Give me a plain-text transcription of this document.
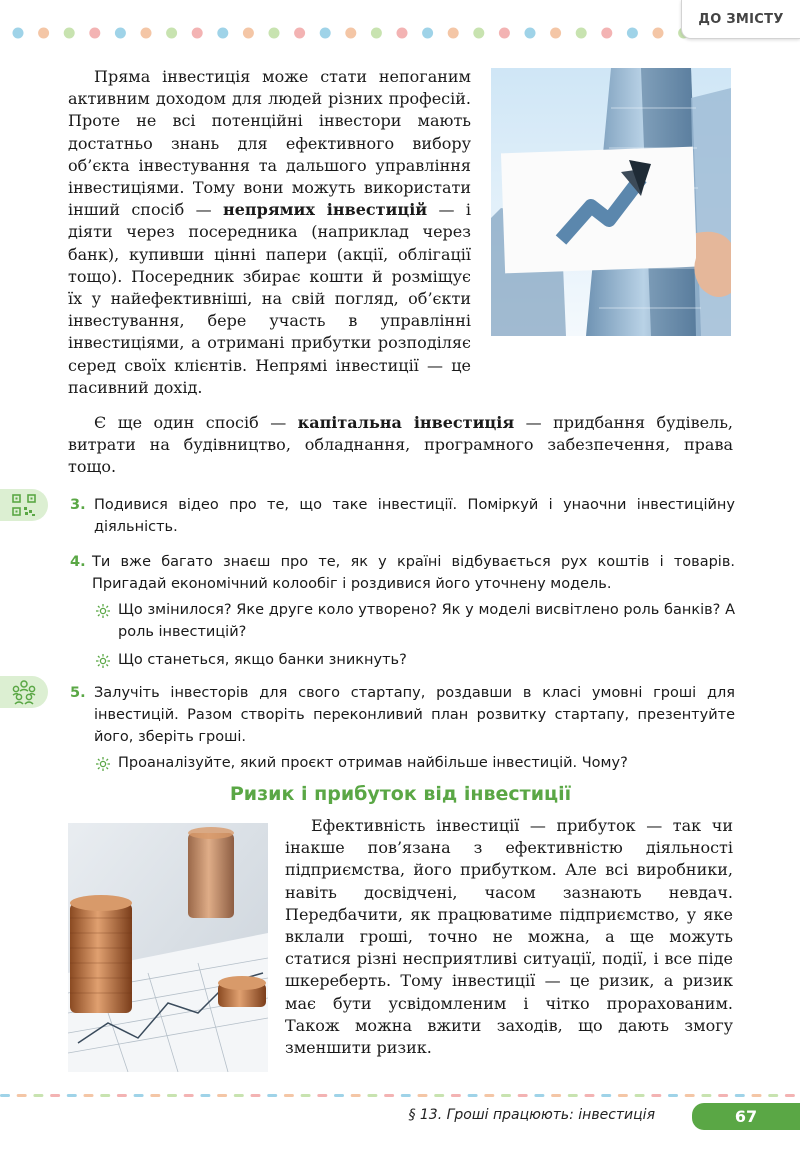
ДО ЗМІСТУ

Пряма інвестиція може стати непоганим активним доходом для людей різних професій. Проте не всі потенційні інвестори мають достатньо знань для ефективного вибору об’єкта інвестування та дальшого управління інвестиціями. Тому вони можуть використати інший спосіб — непрямих інвестицій — і діяти через посередника (наприклад через банк), купивши цінні папери (акції, облігації тощо). Посередник збирає кошти й розміщує їх у найефективніші, на свій погляд, об’єкти інвестування, бере участь в управлінні інвестиціями, а отримані прибутки розподіляє серед своїх клієнтів. Непрямі інвестиції — це пасивний дохід.

Є ще один спосіб — капітальна інвестиція — придбання будівель, витрати на будівництво, обладнання, програмного забезпечення, права тощо.

3. Подивися відео про те, що таке інвестиції. Поміркуй і унаочни інвестиційну діяльність.

4. Ти вже багато знаєш про те, як у країні відбувається рух коштів і товарів. Пригадай економічний колообіг і роздивися його уточнену модель.

Що змінилося? Яке друге коло утворено? Як у моделі висвітлено роль банків? А роль інвестицій?
Що станеться, якщо банки зникнуть?
5. Залучіть інвесторів для свого стартапу, роздавши в класі умовні гроші для інвестицій. Разом створіть переконливий план розвитку стартапу, презентуйте його, зберіть гроші.

Проаналізуйте, який проєкт отримав найбільше інвестицій. Чому?
Ризик і прибуток від інвестиції

Ефективність інвестиції — прибуток — так чи інакше пов’язана з ефективністю діяльності підприємства, його прибутком. Але всі виробники, навіть досвідчені, часом зазнають невдач. Передбачити, як працюватиме підприємство, у яке вклали гроші, точно не можна, а ще можуть статися різні несприятливі ситуації, події, і все піде шкереберть. Тому інвестиції — це ризик, а ризик має бути усвідомленим і чітко прорахованим. Також можна вжити заходів, що дають змогу зменшити ризик.

§ 13. Гроші працюють: інвестиція	67
